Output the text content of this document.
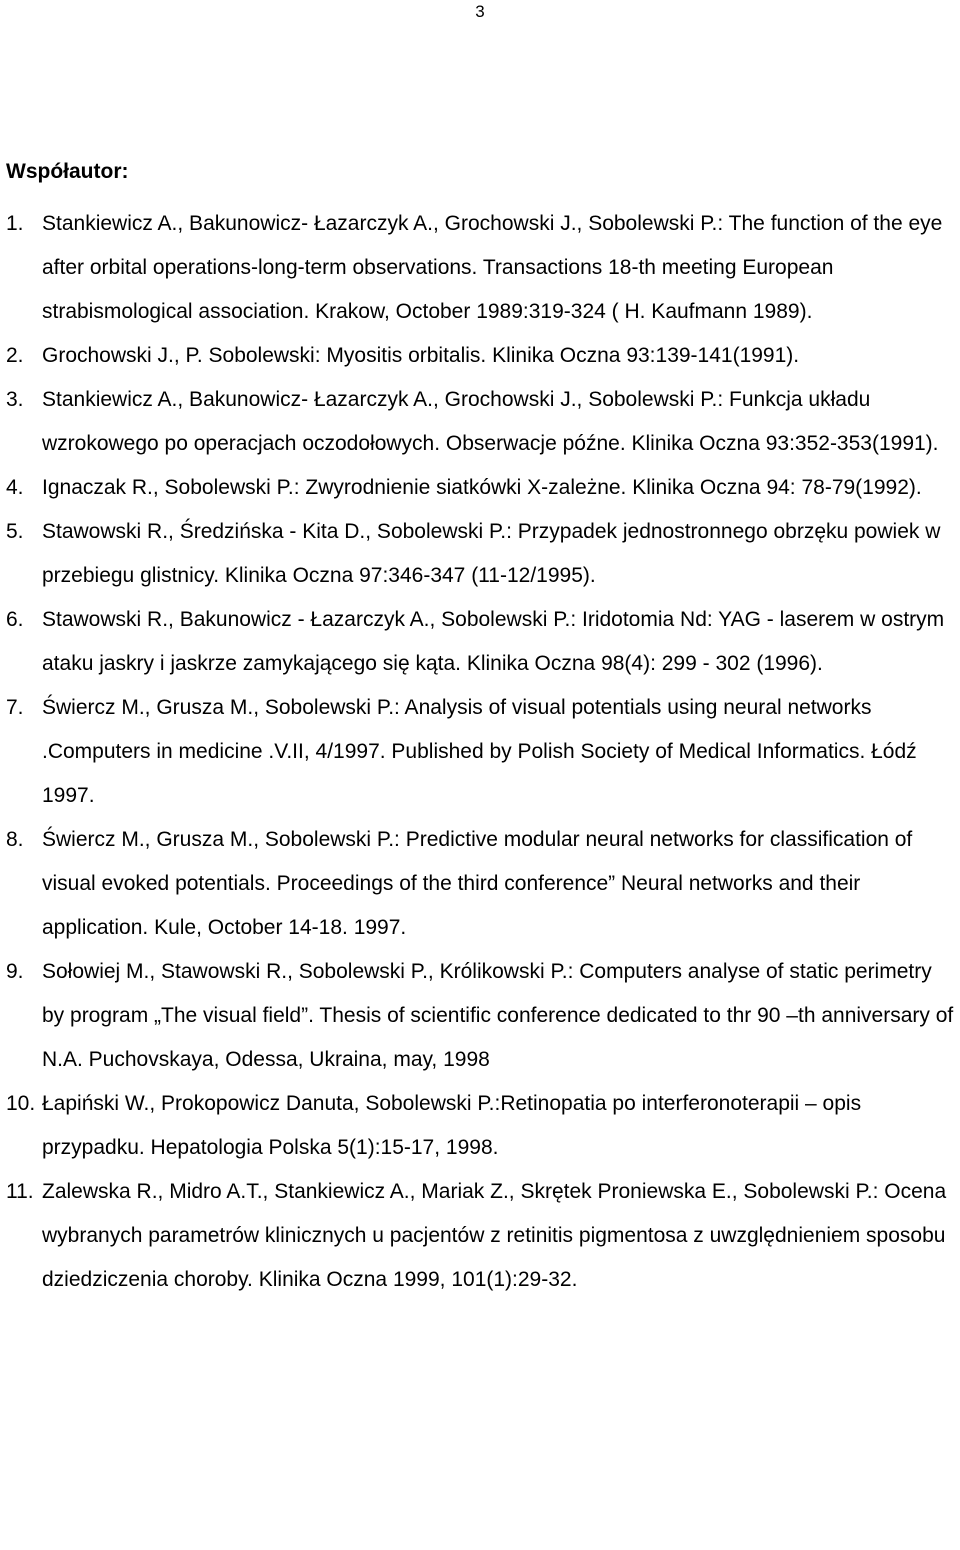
3
Współautor:
1. Stankiewicz A., Bakunowicz- Łazarczyk A., Grochowski J., Sobolewski P.: The function of the eye after orbital operations-long-term observations. Transactions 18-th meeting European strabismological association. Krakow, October 1989:319-324 ( H. Kaufmann 1989).
2. Grochowski J., P. Sobolewski: Myositis orbitalis. Klinika Oczna 93:139-141(1991).
3. Stankiewicz A., Bakunowicz- Łazarczyk A., Grochowski J., Sobolewski P.: Funkcja układu wzrokowego po operacjach oczodołowych. Obserwacje późne. Klinika Oczna 93:352-353(1991).
4. Ignaczak R., Sobolewski P.: Zwyrodnienie siatkówki X-zależne. Klinika Oczna 94: 78-79(1992).
5. Stawowski R., Średzińska - Kita D., Sobolewski P.: Przypadek jednostronnego obrzęku powiek w przebiegu glistnicy. Klinika Oczna 97:346-347 (11-12/1995).
6. Stawowski R., Bakunowicz - Łazarczyk A., Sobolewski P.: Iridotomia Nd: YAG - laserem w ostrym ataku jaskry i jaskrze zamykającego się kąta. Klinika Oczna 98(4): 299 - 302 (1996).
7. Świercz M., Grusza M., Sobolewski P.: Analysis of visual potentials using neural networks .Computers in medicine .V.II, 4/1997. Published by Polish Society of Medical Informatics. Łódź 1997.
8. Świercz M., Grusza M., Sobolewski P.: Predictive modular neural networks for classification of visual evoked potentials. Proceedings of the third conference” Neural networks and their application. Kule, October 14-18. 1997.
9. Sołowiej M., Stawowski R., Sobolewski P., Królikowski P.: Computers analyse of static perimetry by program „The visual field”. Thesis of scientific conference dedicated to thr 90 –th anniversary of N.A. Puchovskaya, Odessa, Ukraina, may, 1998
10. Łapiński W., Prokopowicz Danuta, Sobolewski P.:Retinopatia po interferonoterapii – opis przypadku. Hepatologia Polska 5(1):15-17, 1998.
11. Zalewska R., Midro A.T., Stankiewicz A., Mariak Z., Skrętek Proniewska E., Sobolewski P.: Ocena wybranych parametrów klinicznych u pacjentów z retinitis pigmentosa z uwzględnieniem sposobu dziedziczenia choroby. Klinika Oczna 1999, 101(1):29-32.
